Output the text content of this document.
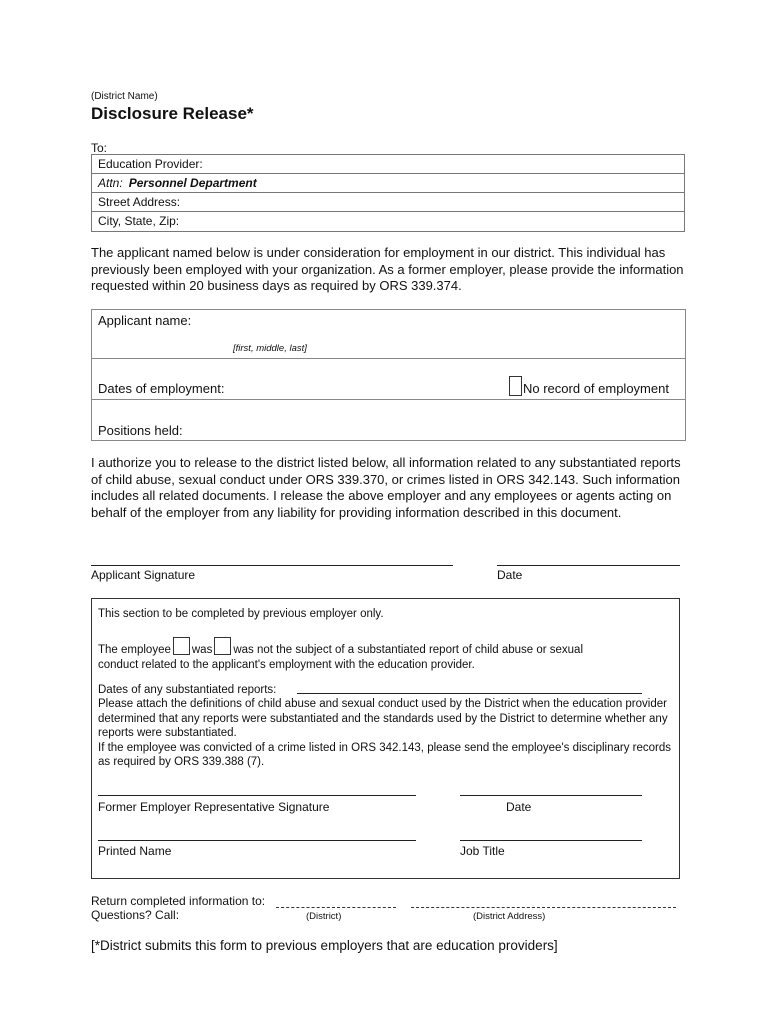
(District Name)
Disclosure Release*
To:
Education Provider:
Attn: Personnel Department
Street Address:
City, State, Zip:
The applicant named below is under consideration for employment in our district. This individual has previously been employed with your organization. As a former employer, please provide the information requested within 20 business days as required by ORS 339.374.
Applicant name:
[first, middle, last]
Dates of employment:	No record of employment
Positions held:
I authorize you to release to the district listed below, all information related to any substantiated reports of child abuse, sexual conduct under ORS 339.370, or crimes listed in ORS 342.143. Such information includes all related documents. I release the above employer and any employees or agents acting on behalf of the employer from any liability for providing information described in this document.
Applicant Signature	Date
This section to be completed by previous employer only.
The employee was was not the subject of a substantiated report of child abuse or sexual
conduct related to the applicant's employment with the education provider.
Dates of any substantiated reports:
Please attach the definitions of child abuse and sexual conduct used by the District when the education provider determined that any reports were substantiated and the standards used by the District to determine whether any reports were substantiated.
If the employee was convicted of a crime listed in ORS 342.143, please send the employee's disciplinary records as required by ORS 339.388 (7).
Former Employer Representative Signature	Date
Printed Name	Job Title
Return completed information to:
Questions? Call:	(District)	(District Address)
[*District submits this form to previous employers that are education providers]
